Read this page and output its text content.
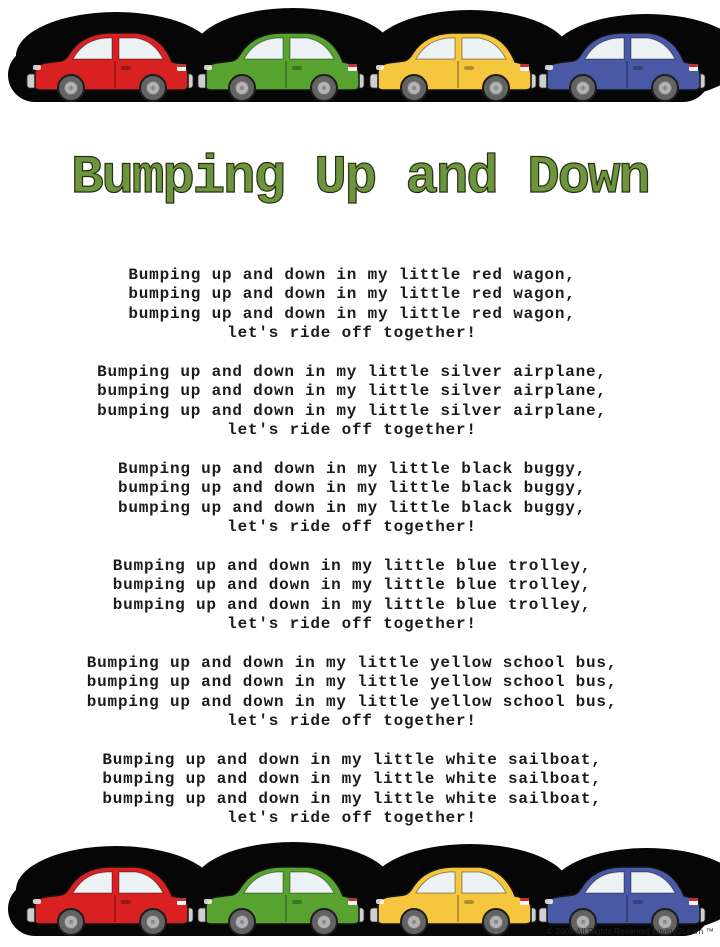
Bumping Up and Down
Bumping up and down in my little red wagon,
bumping up and down in my little red wagon,
bumping up and down in my little red wagon,
let's ride off together!
Bumping up and down in my little silver airplane,
bumping up and down in my little silver airplane,
bumping up and down in my little silver airplane,
let's ride off together!
Bumping up and down in my little black buggy,
bumping up and down in my little black buggy,
bumping up and down in my little black buggy,
let's ride off together!
Bumping up and down in my little blue trolley,
bumping up and down in my little blue trolley,
bumping up and down in my little blue trolley,
let's ride off together!
Bumping up and down in my little yellow school bus,
bumping up and down in my little yellow school bus,
bumping up and down in my little yellow school bus,
let's ride off together!
Bumping up and down in my little white sailboat,
bumping up and down in my little white sailboat,
bumping up and down in my little white sailboat,
let's ride off together!
© 2008 All Rights Reserved Loving2Learn ™
